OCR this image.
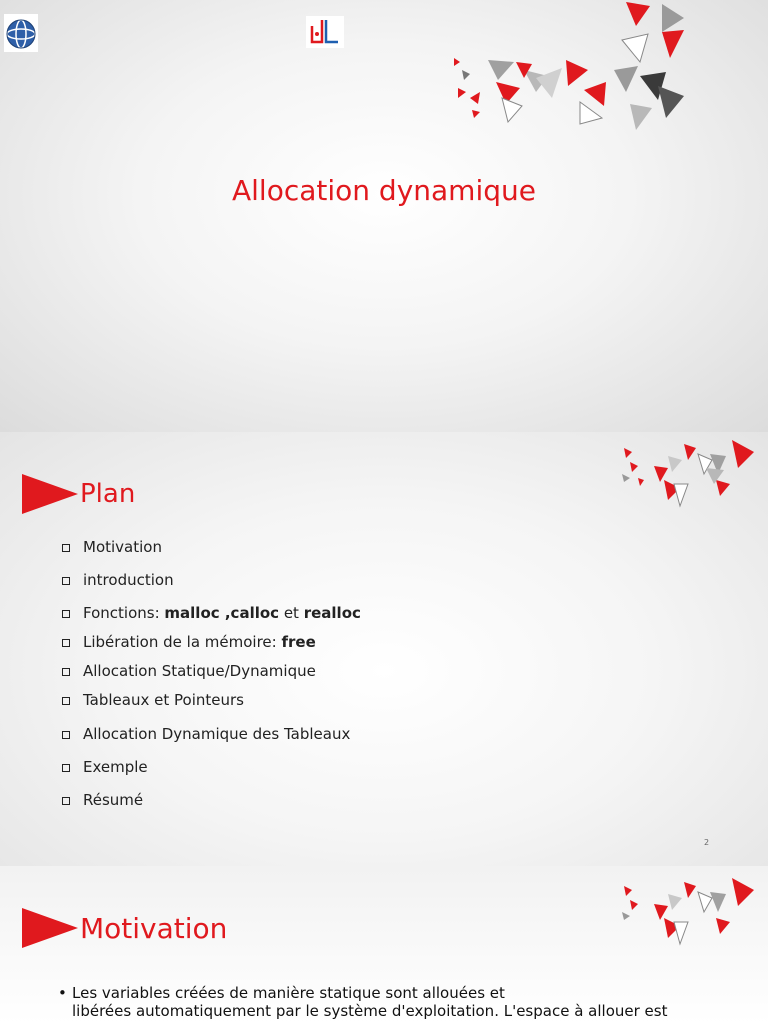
Allocation dynamique
Plan
Motivation
introduction
Fonctions: malloc ,calloc et realloc
Libération de la mémoire: free
Allocation Statique/Dynamique
Tableaux et Pointeurs
Allocation Dynamique des Tableaux
Exemple
Résumé
2
Motivation
• Les variables créées de manière statique sont allouées et
libérées automatiquement par le système d'exploitation. L'espace à allouer est
